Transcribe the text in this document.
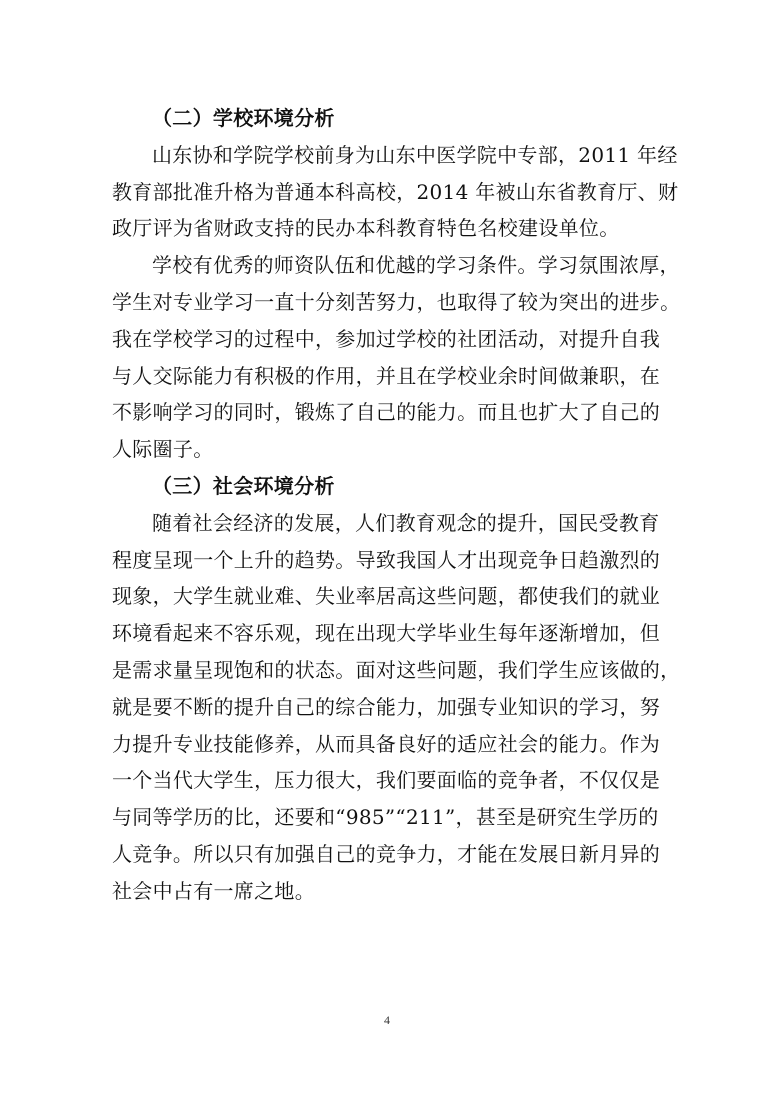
（二）学校环境分析
山东协和学院学校前身为山东中医学院中专部，2011 年经
教育部批准升格为普通本科高校，2014 年被山东省教育厅、财
政厅评为省财政支持的民办本科教育特色名校建设单位。
学校有优秀的师资队伍和优越的学习条件。学习氛围浓厚，
学生对专业学习一直十分刻苦努力，也取得了较为突出的进步。
我在学校学习的过程中，参加过学校的社团活动，对提升自我
与人交际能力有积极的作用，并且在学校业余时间做兼职，在
不影响学习的同时，锻炼了自己的能力。而且也扩大了自己的
人际圈子。
（三）社会环境分析
随着社会经济的发展，人们教育观念的提升，国民受教育
程度呈现一个上升的趋势。导致我国人才出现竞争日趋激烈的
现象，大学生就业难、失业率居高这些问题，都使我们的就业
环境看起来不容乐观，现在出现大学毕业生每年逐渐增加，但
是需求量呈现饱和的状态。面对这些问题，我们学生应该做的，
就是要不断的提升自己的综合能力，加强专业知识的学习，努
力提升专业技能修养，从而具备良好的适应社会的能力。作为
一个当代大学生，压力很大，我们要面临的竞争者，不仅仅是
与同等学历的比，还要和“985”“211”，甚至是研究生学历的
人竞争。所以只有加强自己的竞争力，才能在发展日新月异的
社会中占有一席之地。
4
